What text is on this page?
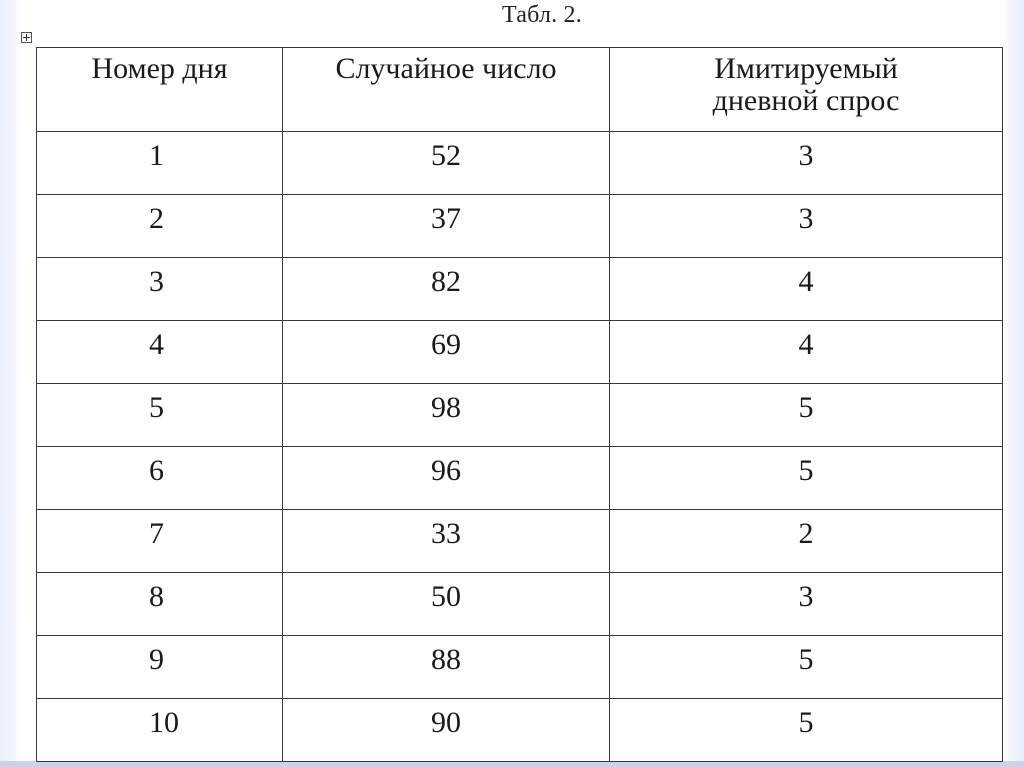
Табл. 2.
Номер дня	Случайное число	Имитируемый дневной спрос

1	52	3
2	37	3
3	82	4
4	69	4
5	98	5
6	96	5
7	33	2
8	50	3
9	88	5
10	90	5
